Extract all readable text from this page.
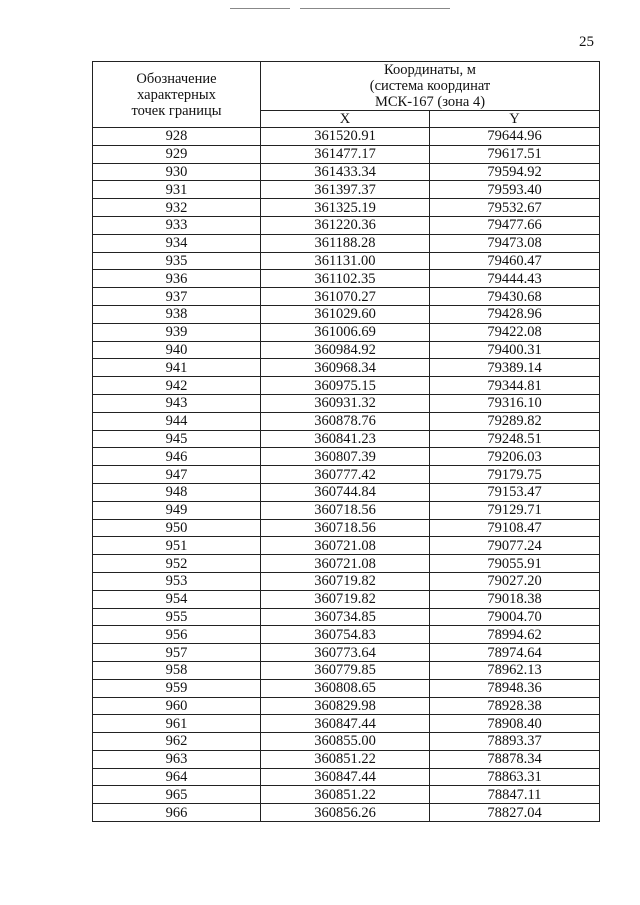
25
Обозначение
характерных
точек границы	Координаты, м
(система координат
МСК-167 (зона 4)	

	X	Y
928	361520.91	79644.96
929	361477.17	79617.51
930	361433.34	79594.92
931	361397.37	79593.40
932	361325.19	79532.67
933	361220.36	79477.66
934	361188.28	79473.08
935	361131.00	79460.47
936	361102.35	79444.43
937	361070.27	79430.68
938	361029.60	79428.96
939	361006.69	79422.08
940	360984.92	79400.31
941	360968.34	79389.14
942	360975.15	79344.81
943	360931.32	79316.10
944	360878.76	79289.82
945	360841.23	79248.51
946	360807.39	79206.03
947	360777.42	79179.75
948	360744.84	79153.47
949	360718.56	79129.71
950	360718.56	79108.47
951	360721.08	79077.24
952	360721.08	79055.91
953	360719.82	79027.20
954	360719.82	79018.38
955	360734.85	79004.70
956	360754.83	78994.62
957	360773.64	78974.64
958	360779.85	78962.13
959	360808.65	78948.36
960	360829.98	78928.38
961	360847.44	78908.40
962	360855.00	78893.37
963	360851.22	78878.34
964	360847.44	78863.31
965	360851.22	78847.11
966	360856.26	78827.04
